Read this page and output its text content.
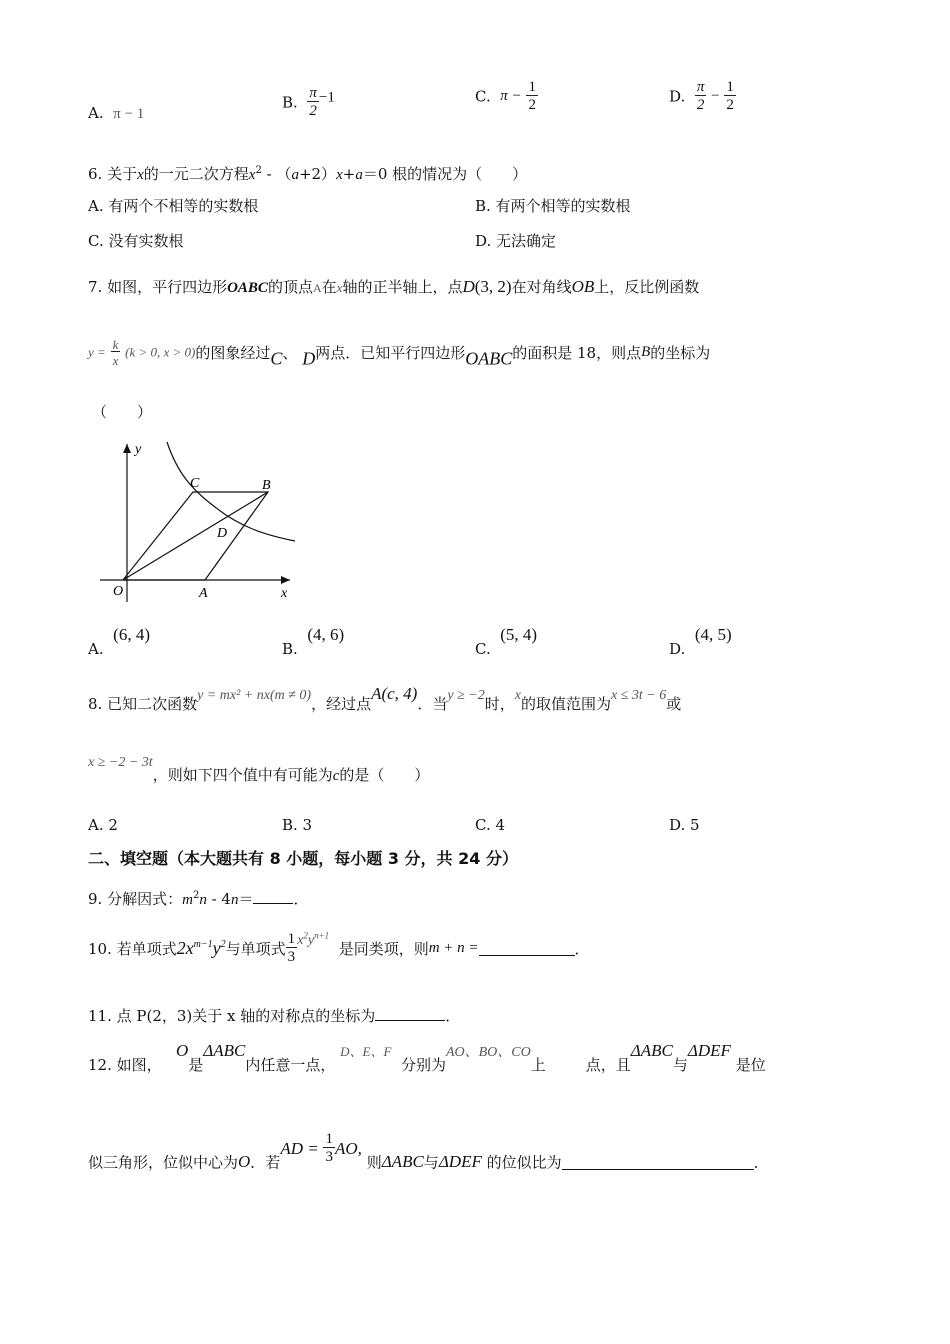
A. π − 1
B. $\frac{\pi}{2} -1$	C. $\pi - \frac{1}{2}$	D. $\frac{\pi}{2} - \frac{1}{2}$
6. 关于x的一元二次方程$x^2 - (a+2)x+a=0$ 根的情况为（　　）
A. 有两个不相等的实数根	B. 有两个相等的实数根
C. 没有实数根	D. 无法确定
7. 如图，平行四边形OABC的顶点A在x轴的正半轴上，点D(3, 2)在对角线OB上，反比例函数
$y = \frac{k}{x} (k > 0$, x > 0)的图象经过C、 D两点．已知平行四边形OABC的面积是 18，则点B的坐标为
（　　）
y
C	B
D
O	A	x
A.  (6, 4)
B.  (4, 6)
C.  (5, 4)
D.  (4, 5)
8. 已知二次函数y = mx² + nx(m ≠ 0)，经过点A(c, 4)．当y ≥ −2时，x的取值范围为x ≤ 3t − 6或
x ≥ −2 − 3t，则如下四个值中有可能为c的是（　　）
A. 2	B. 3	C. 4	D. 5
二、填空题（本大题共有 8 小题，每小题 3 分，共 24 分）
9. 分解因式：$m^2n - 4n=$	．
10. 若单项式$2x^{m-1}y^2$与单项式 $\frac{1}{3} x^2y^{n+1}$  是同类项，则m + n =	．
11. 点 P(2，3)关于 x 轴的对称点的坐标为	．
12. 如图，   O是ΔABC内任意一点， D、E、F  分别为AO、BO、CO上	点，且ΔABC与ΔDEF 是位
似三角形，位似中心为O．若AD = $\frac{1}{3}$ AO, 则ΔABC与ΔDEF 的位似比为	．
